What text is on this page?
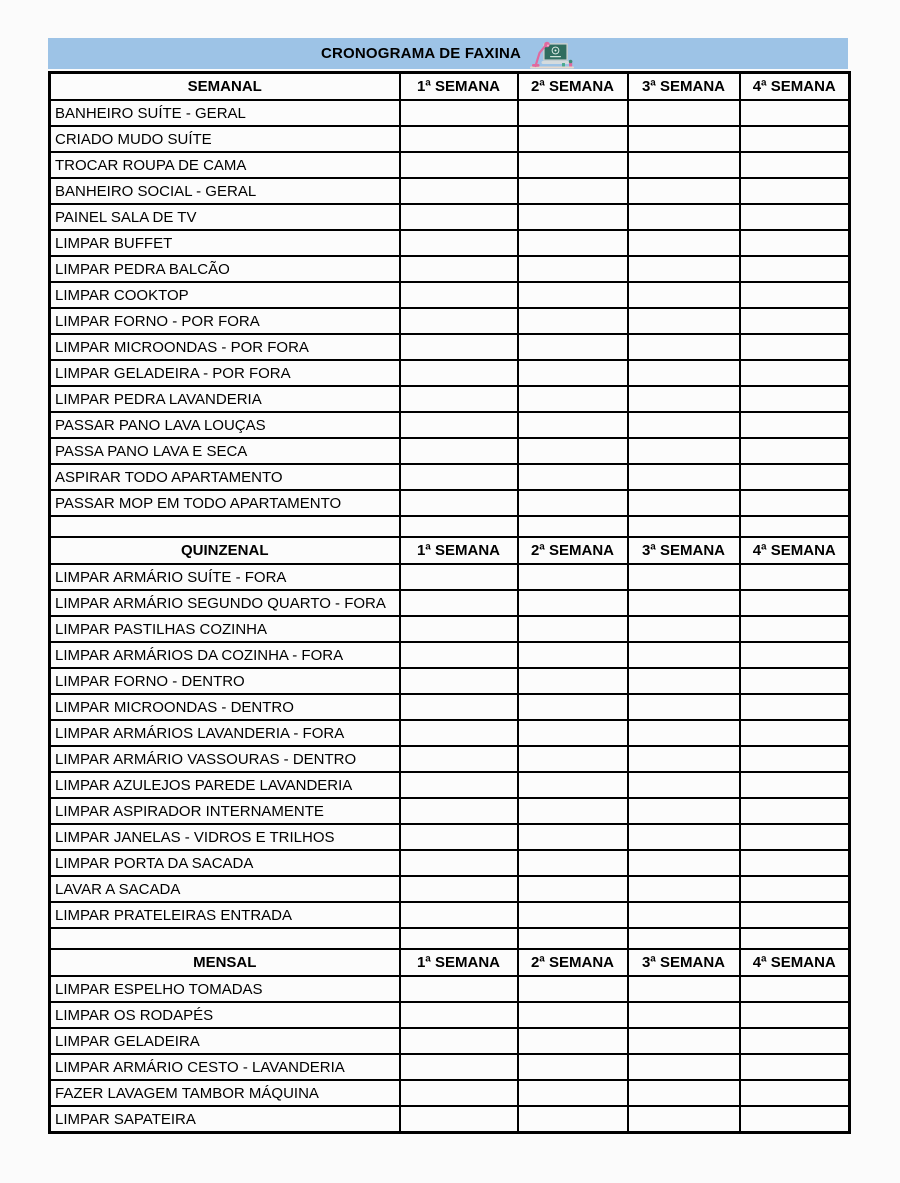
CRONOGRAMA DE FAXINA
SEMANAL	1ª SEMANA	2ª SEMANA	3ª SEMANA	4ª SEMANA
BANHEIRO SUÍTE - GERAL				
CRIADO MUDO SUÍTE				
TROCAR ROUPA DE CAMA				
BANHEIRO SOCIAL - GERAL				
PAINEL SALA DE TV				
LIMPAR BUFFET				
LIMPAR PEDRA BALCÃO				
LIMPAR COOKTOP				
LIMPAR FORNO - POR FORA				
LIMPAR MICROONDAS - POR FORA				
LIMPAR GELADEIRA - POR FORA				
LIMPAR PEDRA LAVANDERIA				
PASSAR PANO LAVA LOUÇAS				
PASSA PANO LAVA E SECA				
ASPIRAR TODO APARTAMENTO				
PASSAR MOP EM TODO APARTAMENTO				

QUINZENAL	1ª SEMANA	2ª SEMANA	3ª SEMANA	4ª SEMANA
LIMPAR ARMÁRIO SUÍTE - FORA				
LIMPAR ARMÁRIO SEGUNDO QUARTO - FORA				
LIMPAR PASTILHAS COZINHA				
LIMPAR ARMÁRIOS DA COZINHA - FORA				
LIMPAR FORNO - DENTRO				
LIMPAR MICROONDAS - DENTRO				
LIMPAR ARMÁRIOS LAVANDERIA - FORA				
LIMPAR ARMÁRIO VASSOURAS - DENTRO				
LIMPAR AZULEJOS PAREDE LAVANDERIA				
LIMPAR ASPIRADOR INTERNAMENTE				
LIMPAR JANELAS - VIDROS E TRILHOS				
LIMPAR PORTA DA SACADA				
LAVAR A SACADA				
LIMPAR PRATELEIRAS ENTRADA				

MENSAL	1ª SEMANA	2ª SEMANA	3ª SEMANA	4ª SEMANA
LIMPAR ESPELHO TOMADAS				
LIMPAR OS RODAPÉS				
LIMPAR GELADEIRA				
LIMPAR ARMÁRIO CESTO - LAVANDERIA				
FAZER LAVAGEM TAMBOR MÁQUINA				
LIMPAR SAPATEIRA				
